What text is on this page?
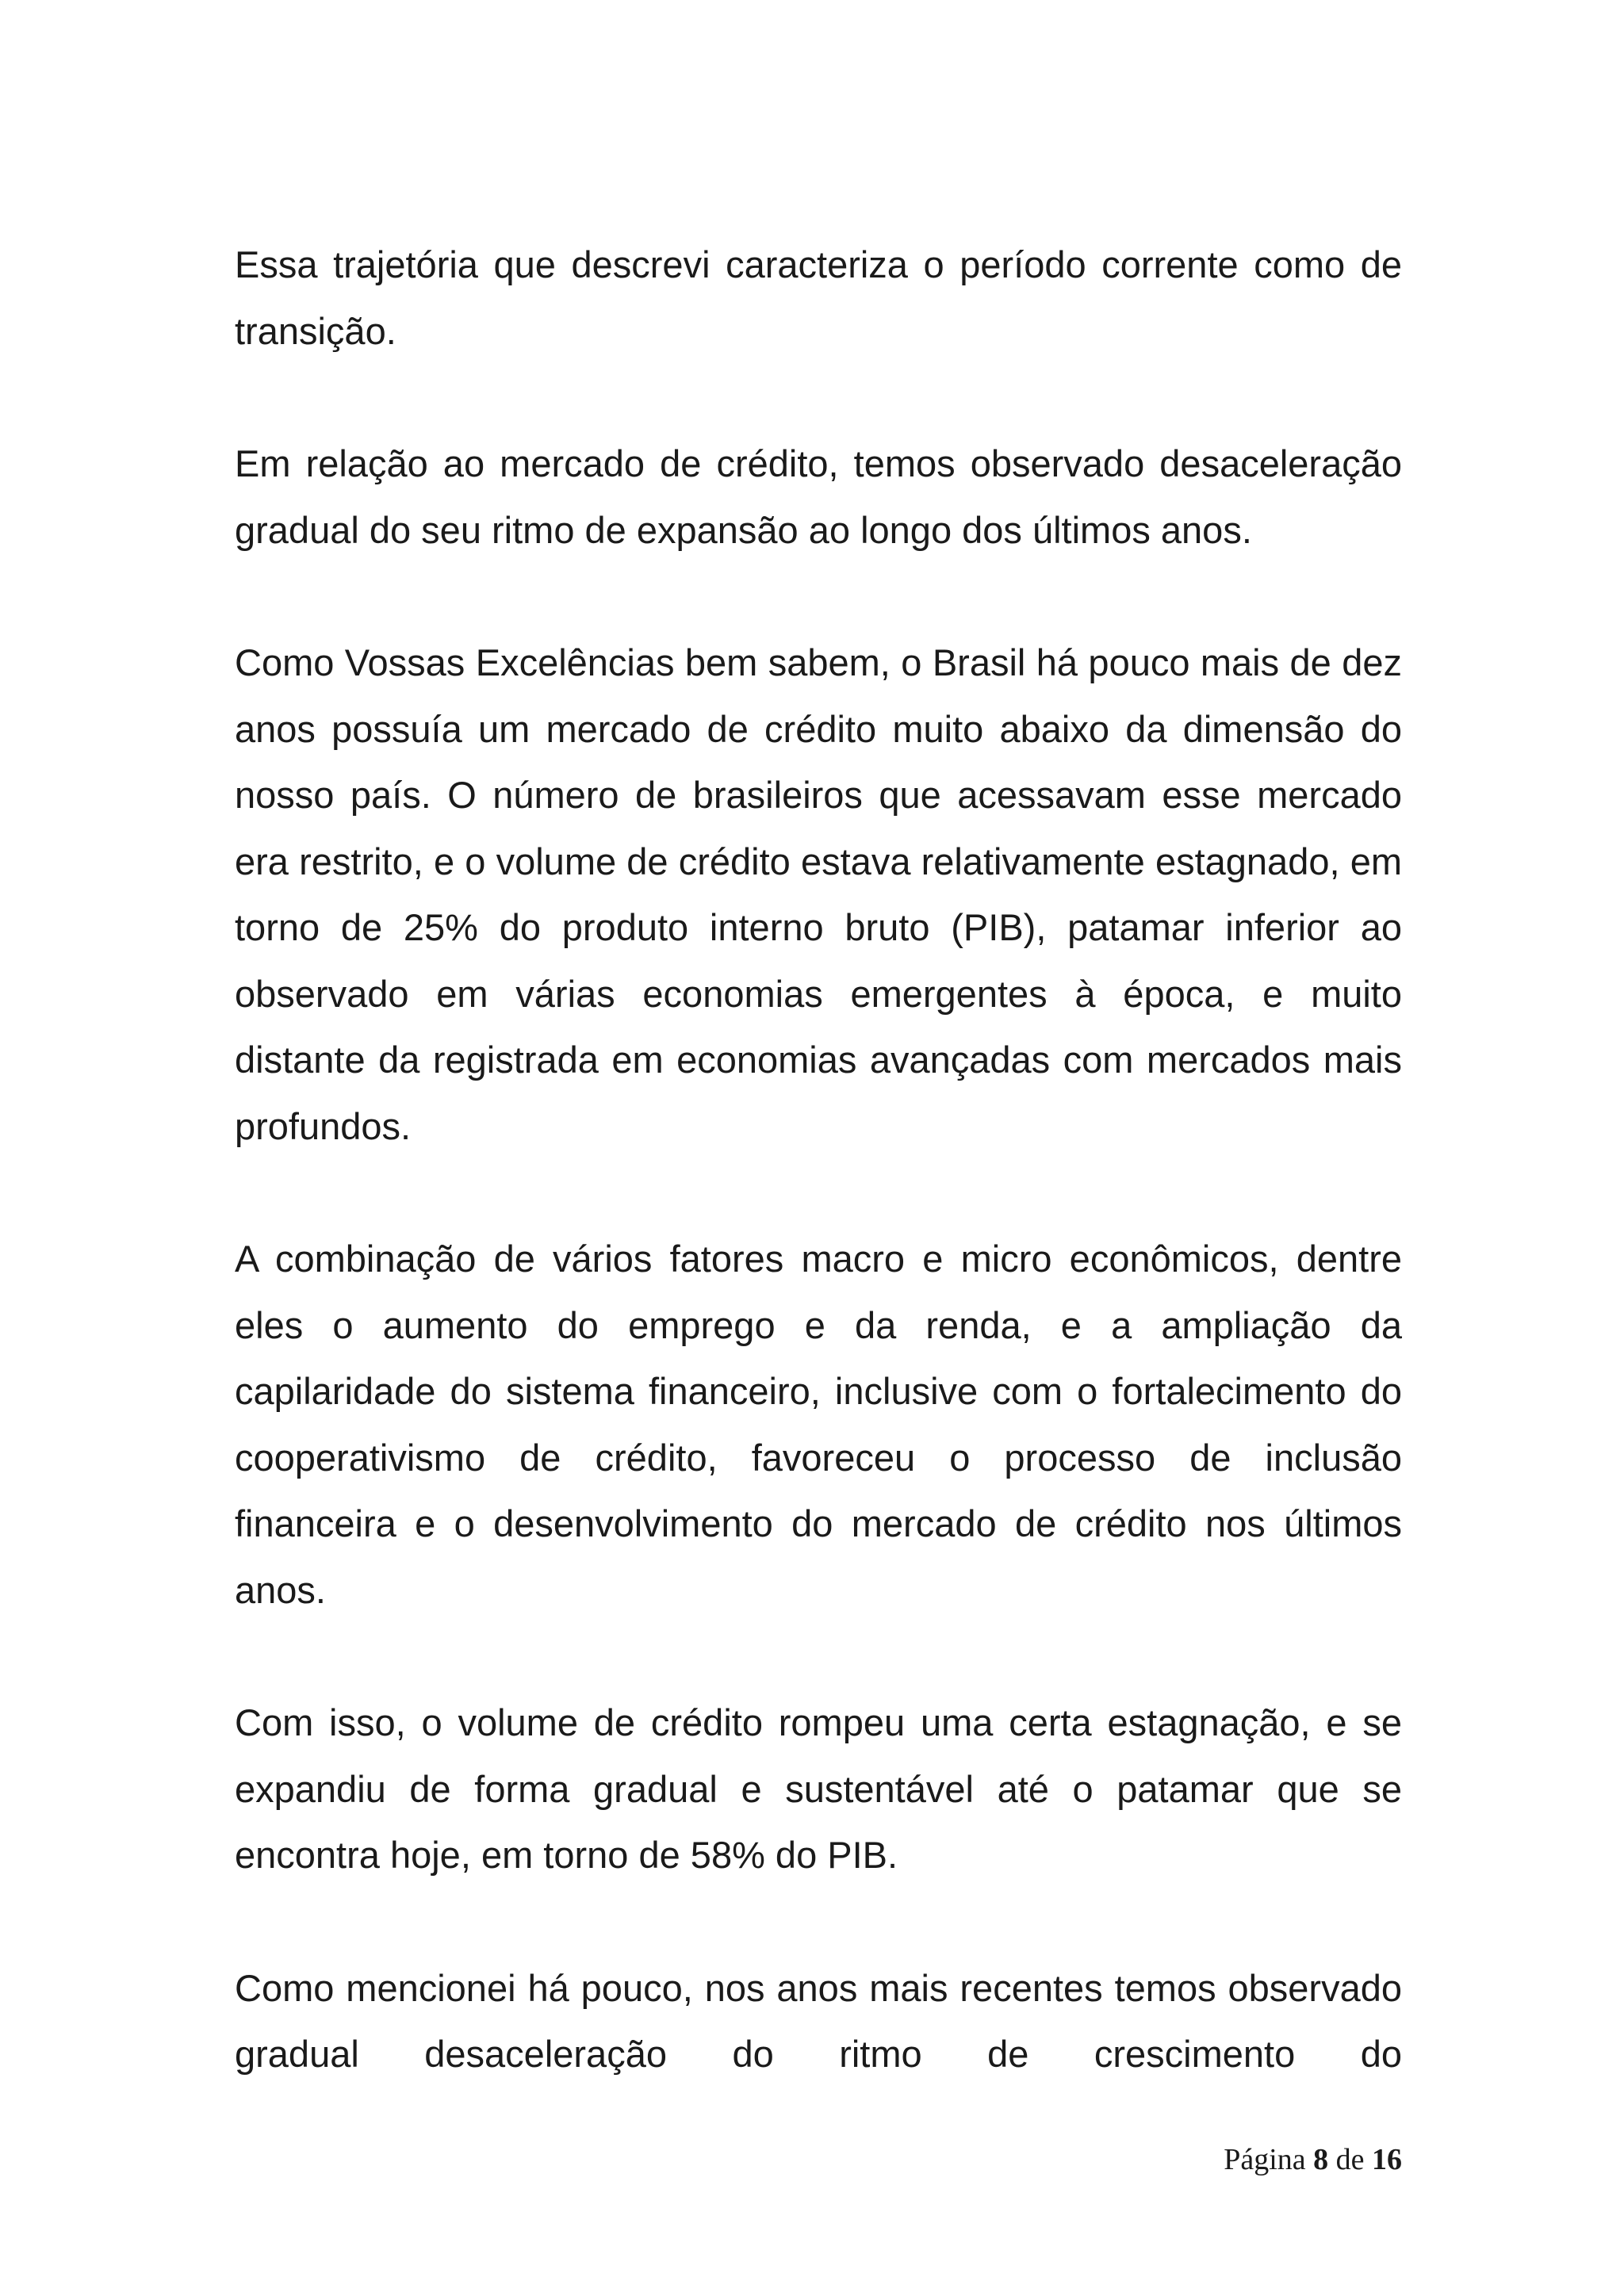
Essa trajetória que descrevi caracteriza o período corrente como de transição.

Em relação ao mercado de crédito, temos observado desaceleração gradual do seu ritmo de expansão ao longo dos últimos anos.

Como Vossas Excelências bem sabem, o Brasil há pouco mais de dez anos possuía um mercado de crédito muito abaixo da dimensão do nosso país. O número de brasileiros que acessavam esse mercado era restrito, e o volume de crédito estava relativamente estagnado, em torno de 25% do produto interno bruto (PIB), patamar inferior ao observado em várias economias emergentes à época, e muito distante da registrada em economias avançadas com mercados mais profundos.

A combinação de vários fatores macro e micro econômicos, dentre eles o aumento do emprego e da renda, e a ampliação da capilaridade do sistema financeiro, inclusive com o fortalecimento do cooperativismo de crédito, favoreceu o processo de inclusão financeira e o desenvolvimento do mercado de crédito nos últimos anos.

Com isso, o volume de crédito rompeu uma certa estagnação, e se expandiu de forma gradual e sustentável até o patamar que se encontra hoje, em torno de 58% do PIB.

Como mencionei há pouco, nos anos mais recentes temos observado gradual desaceleração do ritmo de crescimento do

Página 8 de 16
